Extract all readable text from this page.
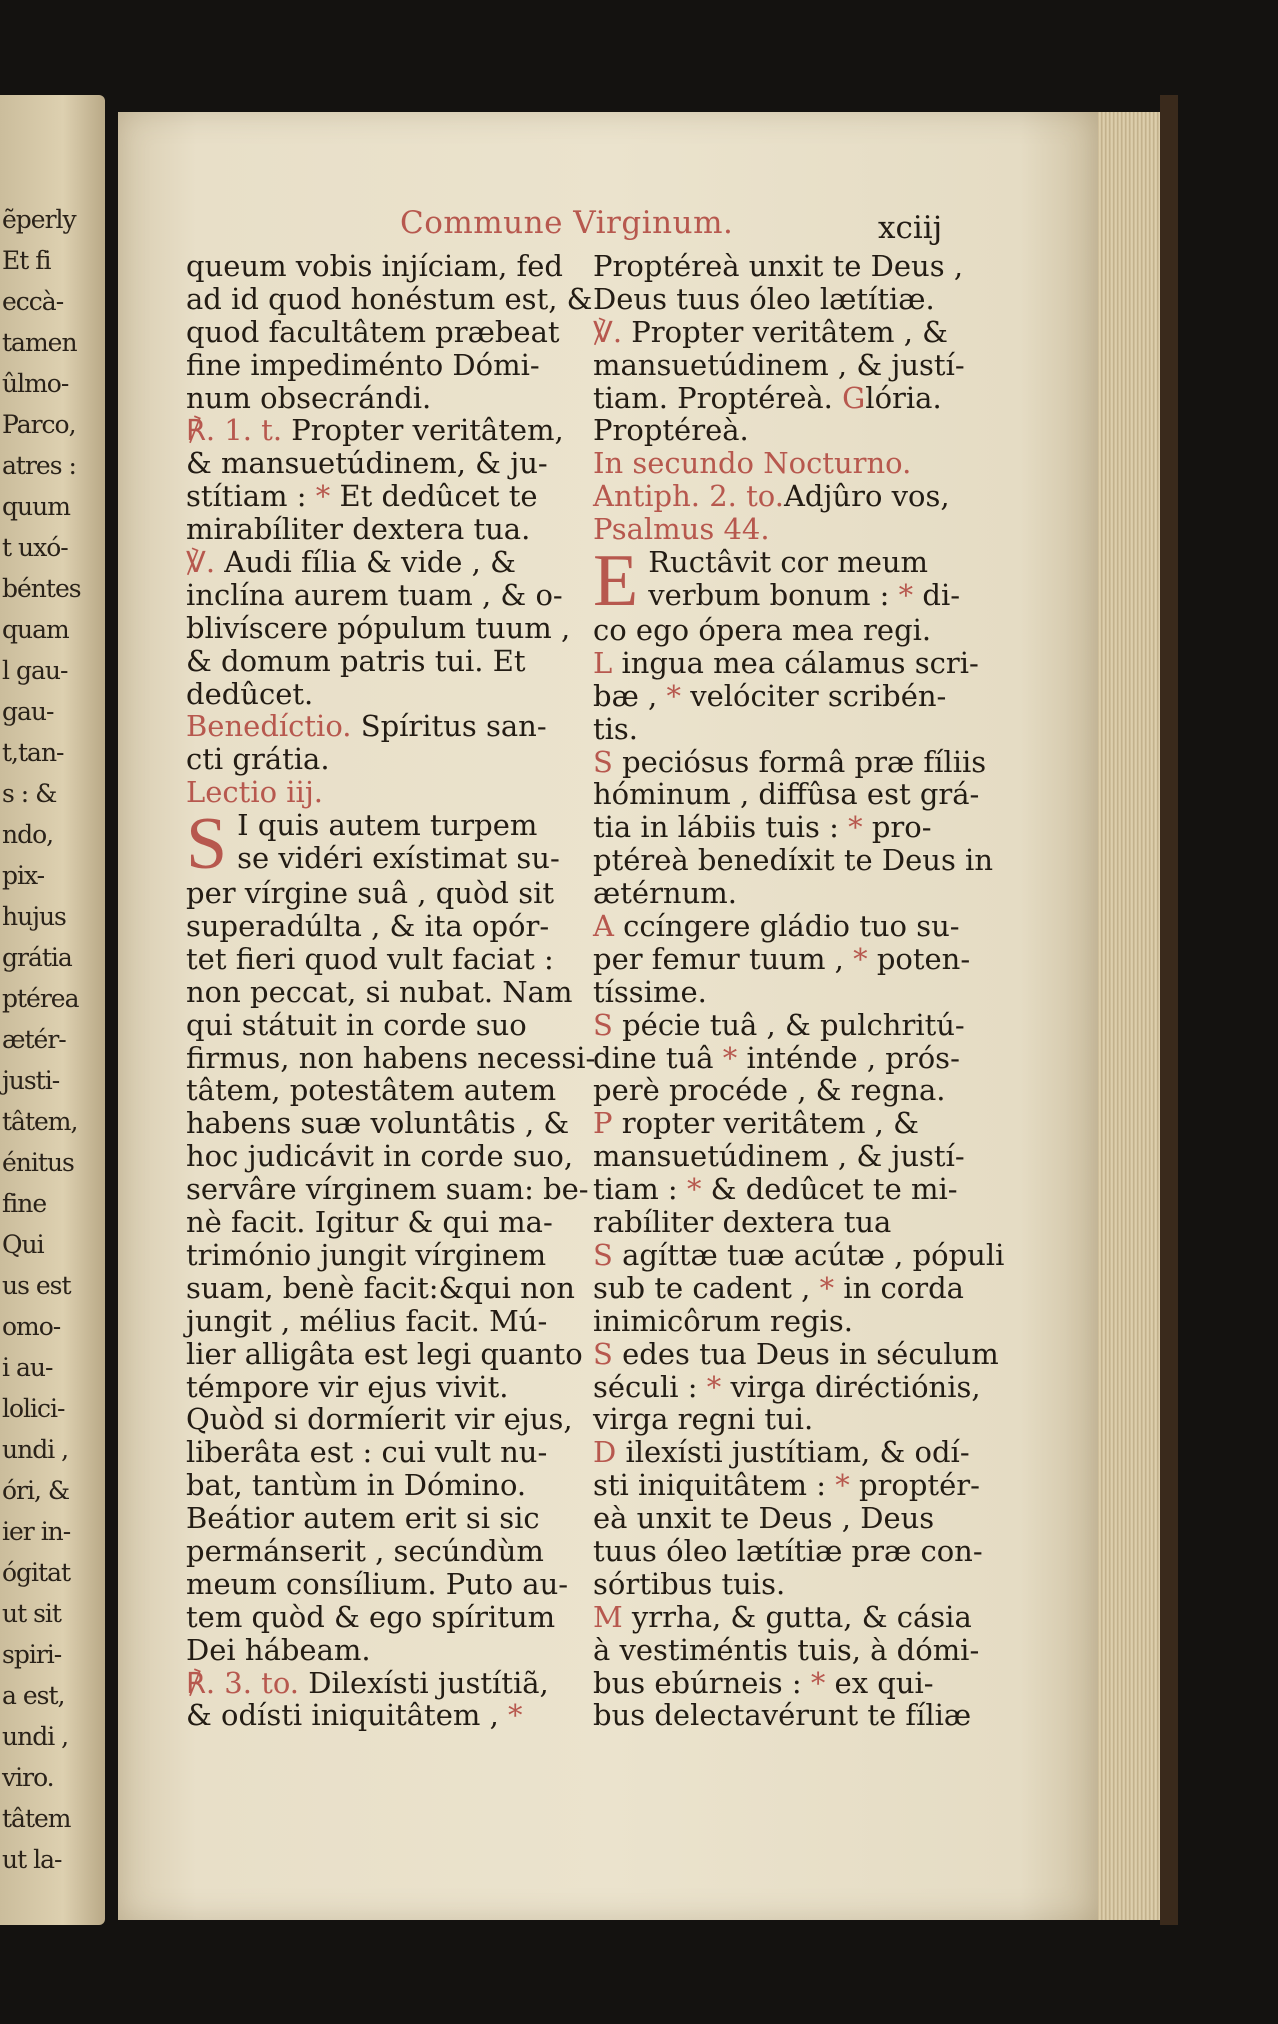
ẽperly
Et fi
eccà-
tamen
ûlmo-
Parco,
atres :
quum
t uxó-
béntes
quam
l gau-
gau-
t,tan-
s : &
ndo,
pix-
hujus
grátia
ptérea
ætér-
justi-
tâtem,
énitus
fine
Qui
us est
omo-
i au-
lolici-
undi ,
óri, &
ier in-
ógitat
ut sit
spiri-
a est,
undi ,
viro.
tâtem
ut la-
Commune Virginum.	xciij
queum vobis injíciam, fed
ad id quod honéstum est, &
quod facultâtem præbeat
fine impediménto Dómi-
num obsecrándi.
℟. 1. t. Propter veritâtem,
& mansuetúdinem, & ju-
stítiam : * Et dedûcet te
mirabíliter dextera tua.
℣. Audi fília & vide , &
inclína aurem tuam , & o-
blivíscere pópulum tuum ,
& domum patris tui. Et
dedûcet.
Benedíctio. Spíritus san-
cti grátia.
Lectio iij.
S I quis autem turpem
se vidéri exístimat su-
per vírgine suâ , quòd sit
superadúlta , & ita opór-
tet fieri quod vult faciat :
non peccat, si nubat. Nam
qui státuit in corde suo
firmus, non habens necessi-
tâtem, potestâtem autem
habens suæ voluntâtis , &
hoc judicávit in corde suo,
servâre vírginem suam: be-
nè facit. Igitur & qui ma-
trimónio jungit vírginem
suam, benè facit:&qui non
jungit , mélius facit. Mú-
lier alligâta est legi quanto
témpore vir ejus vivit.
Quòd si dormíerit vir ejus,
liberâta est : cui vult nu-
bat, tantùm in Dómino.
Beátior autem erit si sic
permánserit , secúndùm
meum consílium. Puto au-
tem quòd & ego spíritum
Dei hábeam.
℟. 3. to. Dilexísti justítiã,
& odísti iniquitâtem , *
Proptéreà unxit te Deus ,
Deus tuus óleo lætítiæ.
℣. Propter veritâtem , &
mansuetúdinem , & justí-
tiam. Proptéreà. Glória.
Proptéreà.
In secundo Nocturno.
Antiph. 2. to.Adjûro vos,
Psalmus 44.
E Ructâvit cor meum
verbum bonum : * di-
co ego ópera mea regi.
L ingua mea cálamus scri-
bæ , * velóciter scribén-
tis.
S peciósus formâ præ fíliis
hóminum , diffûsa est grá-
tia in lábiis tuis : * pro-
ptéreà benedíxit te Deus in
ætérnum.
A ccíngere gládio tuo su-
per femur tuum , * poten-
tíssime.
S pécie tuâ , & pulchritú-
dine tuâ * inténde , prós-
perè procéde , & regna.
P ropter veritâtem , &
mansuetúdinem , & justí-
tiam : * & dedûcet te mi-
rabíliter dextera tua
S agíttæ tuæ acútæ , pópuli
sub te cadent , * in corda
inimicôrum regis.
S edes tua Deus in séculum
séculi : * virga diréctiónis,
virga regni tui.
D ilexísti justítiam, & odí-
sti iniquitâtem : * proptér-
eà unxit te Deus , Deus
tuus óleo lætítiæ præ con-
sórtibus tuis.
M yrrha, & gutta, & cásia
à vestiméntis tuis, à dómi-
bus ebúrneis : * ex qui-
bus delectavérunt te fíliæ
